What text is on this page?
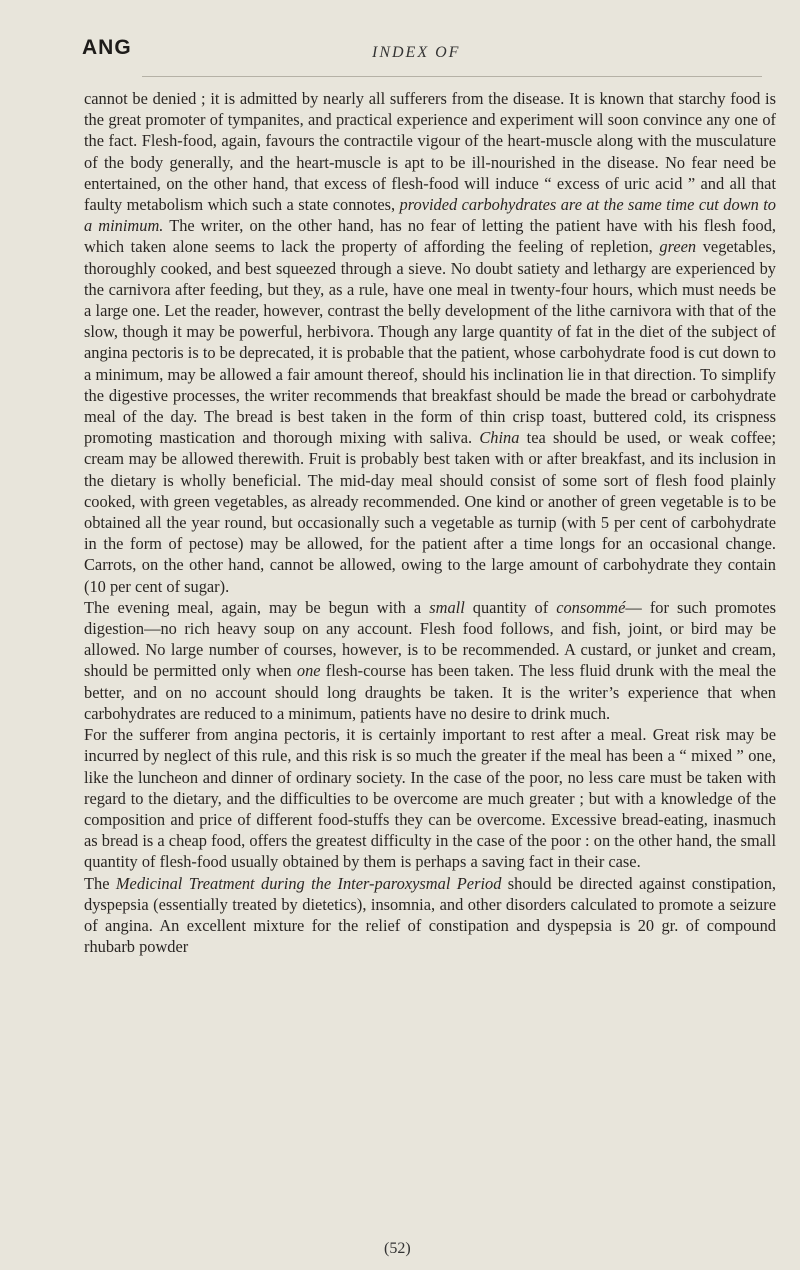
ANG	INDEX OF

cannot be denied ; it is admitted by nearly all sufferers from the disease. It is known that starchy food is the great promoter of tympanites, and practical experience and experiment will soon convince any one of the fact. Flesh-food, again, favours the contractile vigour of the heart-muscle along with the musculature of the body generally, and the heart-muscle is apt to be ill-nourished in the disease. No fear need be entertained, on the other hand, that excess of flesh-food will induce “ excess of uric acid ” and all that faulty metabolism which such a state connotes, provided carbohydrates are at the same time cut down to a minimum. The writer, on the other hand, has no fear of letting the patient have with his flesh food, which taken alone seems to lack the property of affording the feeling of repletion, green vegetables, thoroughly cooked, and best squeezed through a sieve. No doubt satiety and lethargy are experienced by the carnivora after feeding, but they, as a rule, have one meal in twenty-four hours, which must needs be a large one. Let the reader, however, contrast the belly development of the lithe carnivora with that of the slow, though it may be powerful, herbivora. Though any large quantity of fat in the diet of the subject of angina pectoris is to be deprecated, it is probable that the patient, whose carbohydrate food is cut down to a minimum, may be allowed a fair amount thereof, should his inclination lie in that direction. To simplify the digestive processes, the writer recommends that breakfast should be made the bread or carbohydrate meal of the day. The bread is best taken in the form of thin crisp toast, buttered cold, its crispness promoting mastication and thorough mixing with saliva. China tea should be used, or weak coffee; cream may be allowed therewith. Fruit is probably best taken with or after breakfast, and its inclusion in the dietary is wholly beneficial. The mid-day meal should consist of some sort of flesh food plainly cooked, with green vegetables, as already recommended. One kind or another of green vegetable is to be obtained all the year round, but occasionally such a vegetable as turnip (with 5 per cent of carbohydrate in the form of pectose) may be allowed, for the patient after a time longs for an occasional change. Carrots, on the other hand, cannot be allowed, owing to the large amount of carbohydrate they contain (10 per cent of sugar).

The evening meal, again, may be begun with a small quantity of consommé— for such promotes digestion—no rich heavy soup on any account. Flesh food follows, and fish, joint, or bird may be allowed. No large number of courses, however, is to be recommended. A custard, or junket and cream, should be permitted only when one flesh-course has been taken. The less fluid drunk with the meal the better, and on no account should long draughts be taken. It is the writer’s experience that when carbohydrates are reduced to a minimum, patients have no desire to drink much.

For the sufferer from angina pectoris, it is certainly important to rest after a meal. Great risk may be incurred by neglect of this rule, and this risk is so much the greater if the meal has been a “ mixed ” one, like the luncheon and dinner of ordinary society. In the case of the poor, no less care must be taken with regard to the dietary, and the difficulties to be overcome are much greater ; but with a knowledge of the composition and price of different food-stuffs they can be overcome. Excessive bread-eating, inasmuch as bread is a cheap food, offers the greatest difficulty in the case of the poor : on the other hand, the small quantity of flesh-food usually obtained by them is perhaps a saving fact in their case.

The Medicinal Treatment during the Inter-paroxysmal Period should be directed against constipation, dyspepsia (essentially treated by dietetics), insomnia, and other disorders calculated to promote a seizure of angina. An excellent mixture for the relief of constipation and dyspepsia is 20 gr. of compound rhubarb powder

(52)
